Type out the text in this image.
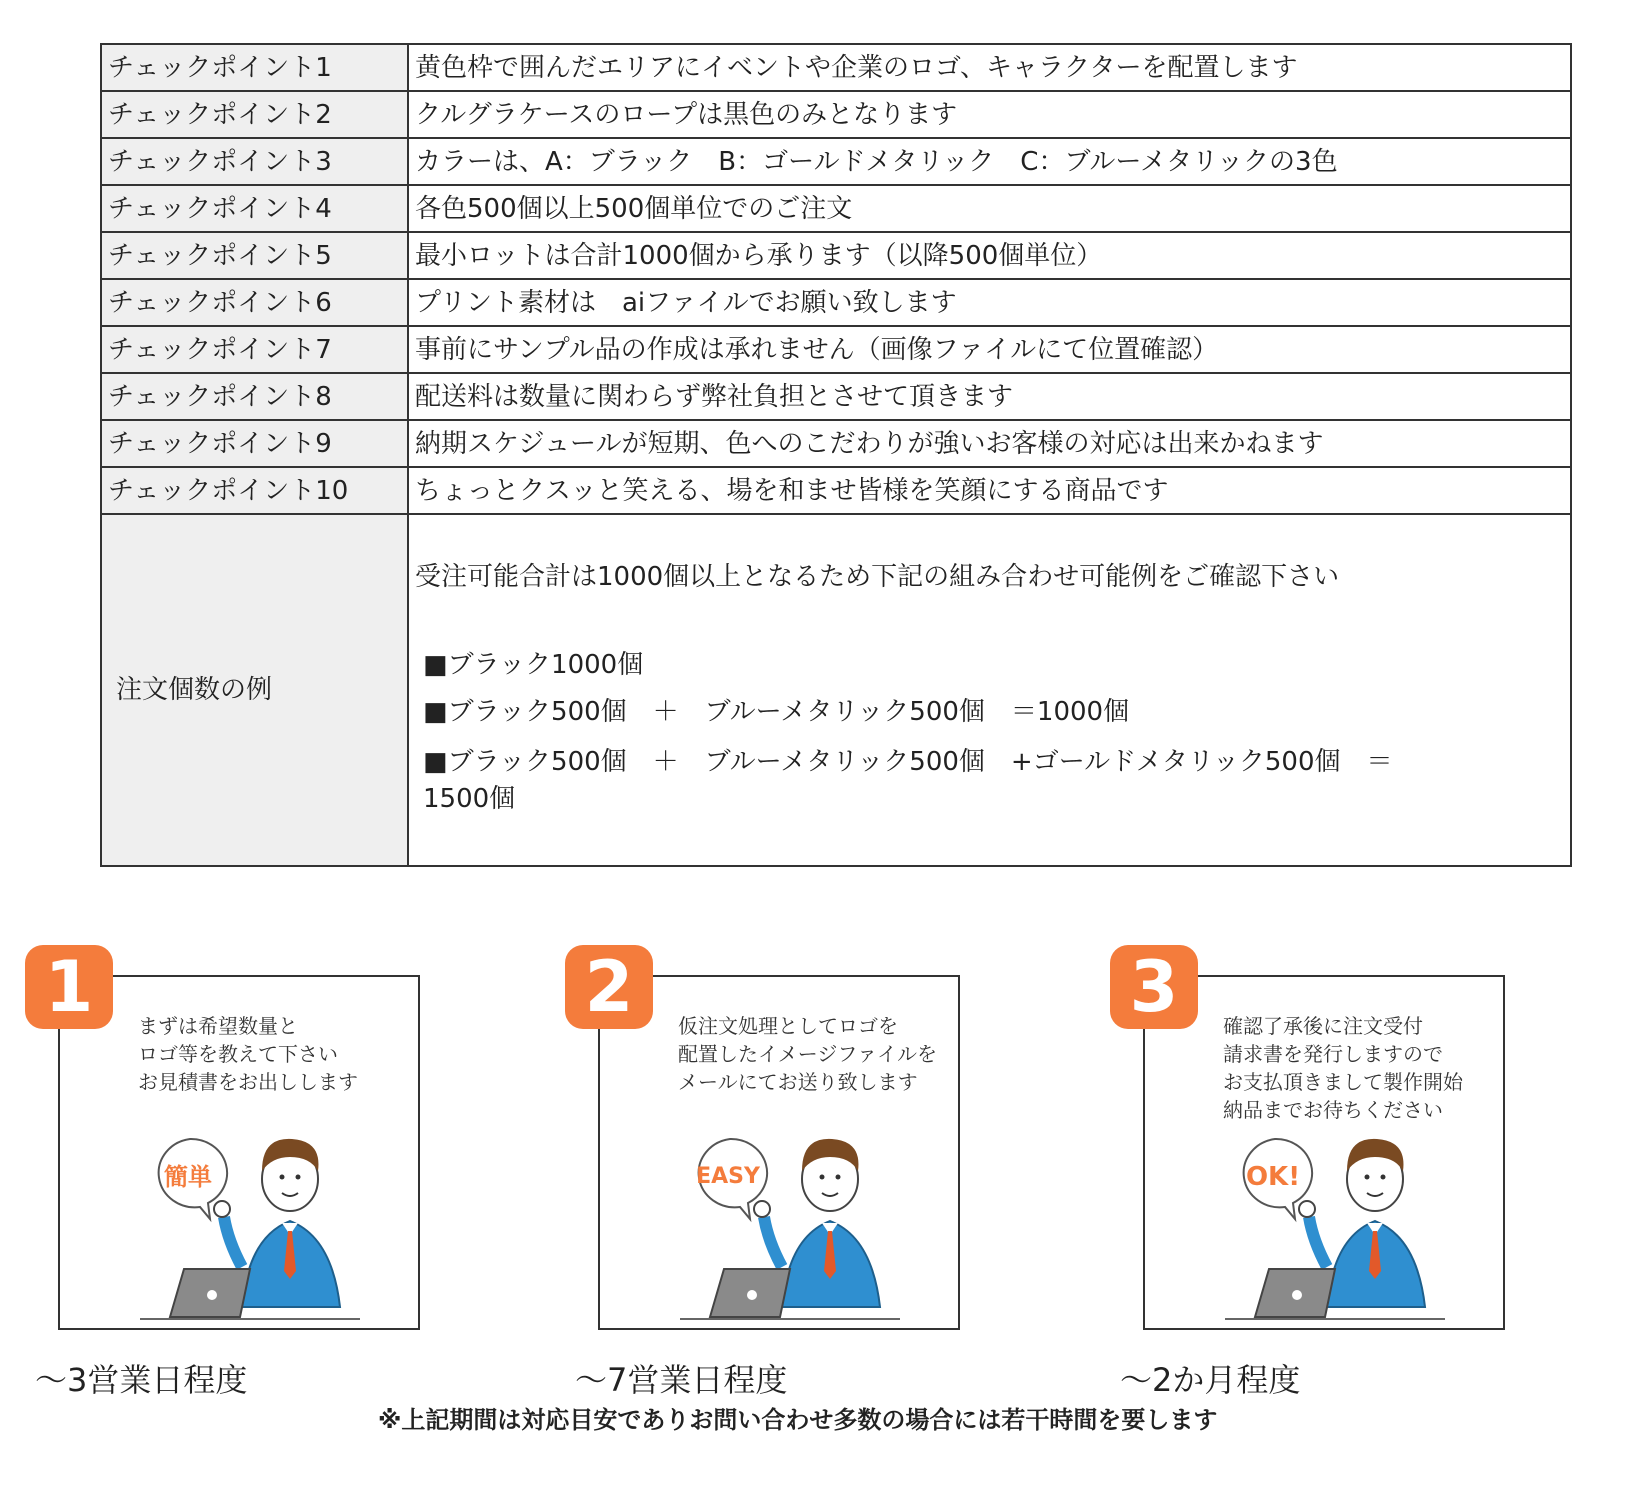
チェックポイント1	黄色枠で囲んだエリアにイベントや企業のロゴ、キャラクターを配置します
チェックポイント2	クルグラケースのロープは黒色のみとなります
チェックポイント3	カラーは、A：ブラック　B：ゴールドメタリック　C：ブルーメタリックの3色
チェックポイント4	各色500個以上500個単位でのご注文
チェックポイント5	最小ロットは合計1000個から承ります（以降500個単位）
チェックポイント6	プリント素材は　aiファイルでお願い致します
チェックポイント7	事前にサンプル品の作成は承れません（画像ファイルにて位置確認）
チェックポイント8	配送料は数量に関わらず弊社負担とさせて頂きます
チェックポイント9	納期スケジュールが短期、色へのこだわりが強いお客様の対応は出来かねます
チェックポイント10	ちょっとクスッと笑える、場を和ませ皆様を笑顔にする商品です
注文個数の例	受注可能合計は1000個以上となるため下記の組み合わせ可能例をご確認下さい

■ブラック1000個

■ブラック500個　＋　ブルーメタリック500個　＝1000個

■ブラック500個　＋　ブルーメタリック500個　+ゴールドメタリック500個　＝1500個

まずは希望数量と
ロゴ等を教えて下さい
お見積書をお出しします

簡単
1
～3営業日程度

仮注文処理としてロゴを
配置したイメージファイルを
メールにてお送り致します

EASY
2
～7営業日程度

確認了承後に注文受付
請求書を発行しますので
お支払頂きまして製作開始
納品までお待ちください

OK!
3
～2か月程度
※上記期間は対応目安でありお問い合わせ多数の場合には若干時間を要します
